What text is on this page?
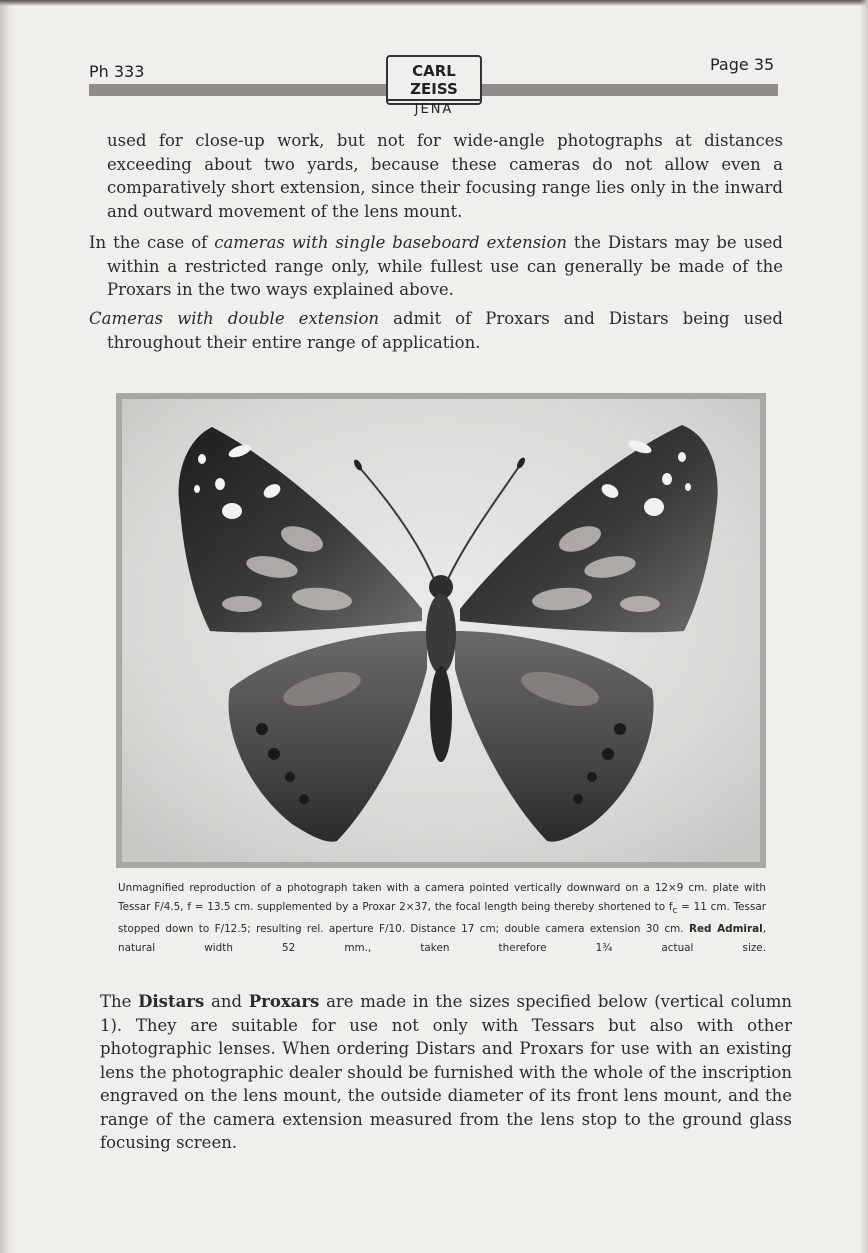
Ph 333	CARL ZEISS
JENA
Page 35

used for close-up work, but not for wide-angle photographs at distances exceeding about two yards, because these cameras do not allow even a comparatively short extension, since their focusing range lies only in the inward and outward movement of the lens mount.

In the case of cameras with single baseboard extension the Distars may be used within a restricted range only, while fullest use can generally be made of the Proxars in the two ways explained above.

Cameras with double extension admit of Proxars and Distars being used throughout their entire range of application.

Unmagnified reproduction of a photograph taken with a camera pointed vertically downward on a 12×9 cm. plate with Tessar F/4.5, f = 13.5 cm. supplemented by a Proxar 2×37, the focal length being thereby shortened to $f_c = 11$ cm. Tessar stopped down to F/12.5; resulting rel. aperture F/10. Distance 17 cm; double camera extension 30 cm. Red Admiral, natural width 52 mm., taken therefore 1¾ actual size.

The Distars and Proxars are made in the sizes specified below (vertical column 1). They are suitable for use not only with Tessars but also with other photographic lenses. When ordering Distars and Proxars for use with an existing lens the photographic dealer should be furnished with the whole of the inscription engraved on the lens mount, the outside diameter of its front lens mount, and the range of the camera extension measured from the lens stop to the ground glass focusing screen.
